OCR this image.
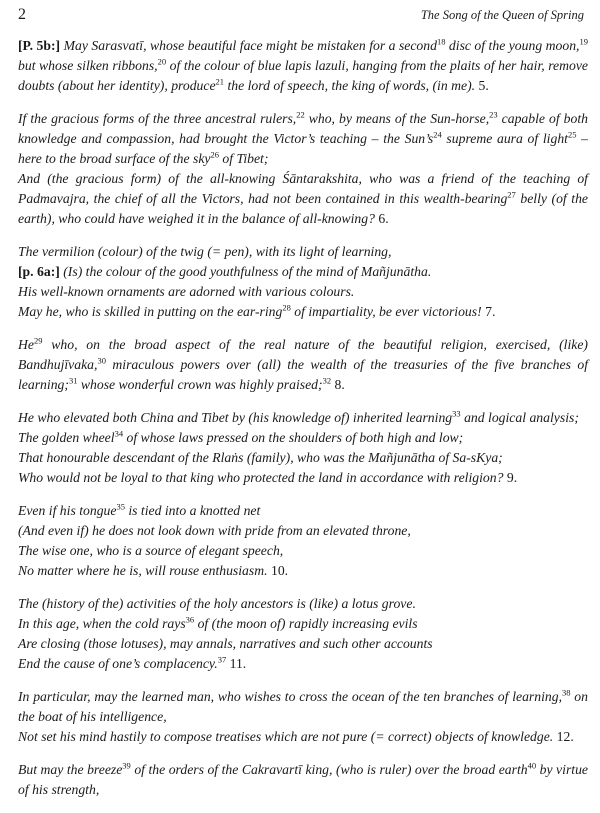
2	The Song of the Queen of Spring

[P. 5b:] May Sarasvatī, whose beautiful face might be mistaken for a second$^{18}$ disc of the young moon,$^{19}$ but whose silken ribbons,$^{20}$ of the colour of blue lapis lazuli, hanging from the plaits of her hair, remove doubts (about her identity), produce$^{21}$ the lord of speech, the king of words, (in me). 5.

If the gracious forms of the three ancestral rulers,$^{22}$ who, by means of the Sun-horse,$^{23}$ capable of both knowledge and compassion, had brought the Victor’s teaching – the Sun’s$^{24}$ supreme aura of light$^{25}$ – here to the broad surface of the sky$^{26}$ of Tibet;
And (the gracious form) of the all-knowing Śāntarakshita, who was a friend of the teaching of Padmavajra, the chief of all the Victors, had not been contained in this wealth-bearing$^{27}$ belly (of the earth), who could have weighed it in the balance of all-knowing? 6.

The vermilion (colour) of the twig (= pen), with its light of learning,
[p. 6a:] (Is) the colour of the good youthfulness of the mind of Mañjunātha.
His well-known ornaments are adorned with various colours.
May he, who is skilled in putting on the ear-ring$^{28}$ of impartiality, be ever victorious! 7.

He$^{29}$ who, on the broad aspect of the real nature of the beautiful religion, exercised, (like) Bandhujīvaka,$^{30}$ miraculous powers over (all) the wealth of the treasuries of the five branches of learning;$^{31}$ whose wonderful crown was highly praised;$^{32}$ 8.

He who elevated both China and Tibet by (his knowledge of) inherited learning$^{33}$ and logical analysis;
The golden wheel$^{34}$ of whose laws pressed on the shoulders of both high and low;
That honourable descendant of the Rlaṅs (family), who was the Mañjunātha of Sa-sKya;
Who would not be loyal to that king who protected the land in accordance with religion? 9.

Even if his tongue$^{35}$ is tied into a knotted net
(And even if) he does not look down with pride from an elevated throne,
The wise one, who is a source of elegant speech,
No matter where he is, will rouse enthusiasm. 10.

The (history of the) activities of the holy ancestors is (like) a lotus grove.
In this age, when the cold rays$^{36}$ of (the moon of) rapidly increasing evils
Are closing (those lotuses), may annals, narratives and such other accounts
End the cause of one’s complacency.$^{37}$ 11.

In particular, may the learned man, who wishes to cross the ocean of the ten branches of learning,$^{38}$ on the boat of his intelligence,
Not set his mind hastily to compose treatises which are not pure (= correct) objects of knowledge. 12.

But may the breeze$^{39}$ of the orders of the Cakravartī king, (who is ruler) over the broad earth$^{40}$ by virtue of his strength,
